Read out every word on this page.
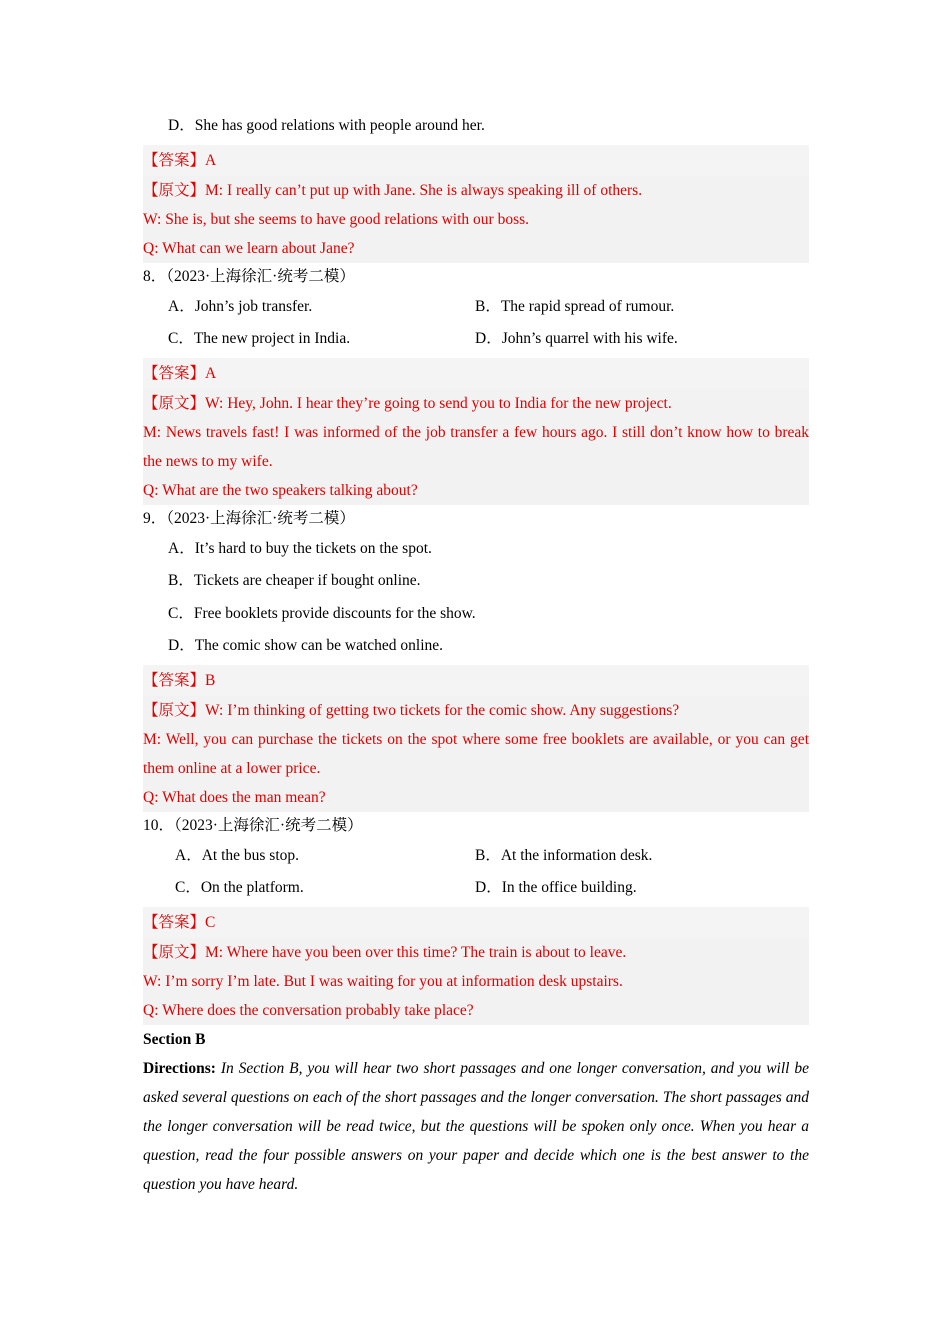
D．She has good relations with people around her.
【答案】A
【原文】M: I really can’t put up with Jane. She is always speaking ill of others.
W: She is, but she seems to have good relations with our boss.
Q: What can we learn about Jane?
8．（2023·上海徐汇·统考二模）
A．John’s job transfer.	B．The rapid spread of rumour.
C．The new project in India.	D．John’s quarrel with his wife.
【答案】A
【原文】W: Hey, John. I hear they’re going to send you to India for the new project.
M: News travels fast! I was informed of the job transfer a few hours ago. I still don’t know how to break the news to my wife.
Q: What are the two speakers talking about?
9．（2023·上海徐汇·统考二模）
A．It’s hard to buy the tickets on the spot.
B．Tickets are cheaper if bought online.
C．Free booklets provide discounts for the show.
D．The comic show can be watched online.
【答案】B
【原文】W: I’m thinking of getting two tickets for the comic show. Any suggestions?
M: Well, you can purchase the tickets on the spot where some free booklets are available, or you can get them online at a lower price.
Q: What does the man mean?
10．（2023·上海徐汇·统考二模）
A．At the bus stop.	B．At the information desk.
C．On the platform.	D．In the office building.
【答案】C
【原文】M: Where have you been over this time? The train is about to leave.
W: I’m sorry I’m late. But I was waiting for you at information desk upstairs.
Q: Where does the conversation probably take place?
Section B
Directions: In Section B, you will hear two short passages and one longer conversation, and you will be asked several questions on each of the short passages and the longer conversation. The short passages and the longer conversation will be read twice, but the questions will be spoken only once. When you hear a question, read the four possible answers on your paper and decide which one is the best answer to the question you have heard.
